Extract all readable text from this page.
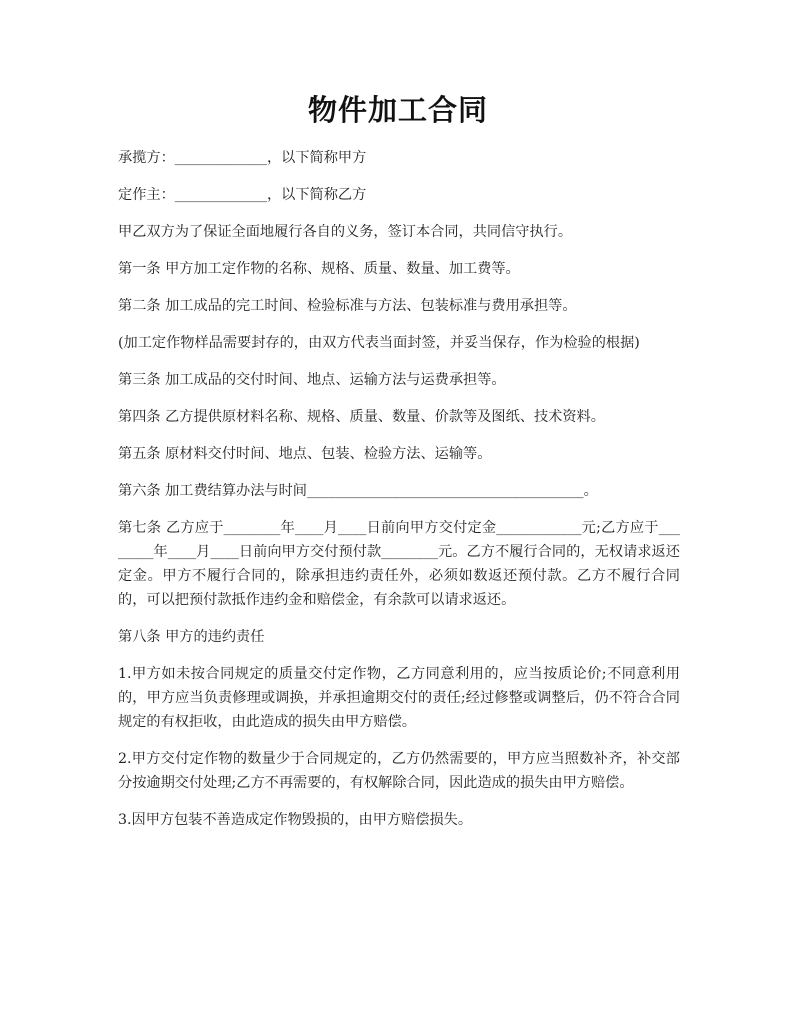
物件加工合同

承揽方：_____________，以下简称甲方

定作主：_____________，以下简称乙方

甲乙双方为了保证全面地履行各自的义务，签订本合同，共同信守执行。

第一条 甲方加工定作物的名称、规格、质量、数量、加工费等。

第二条 加工成品的完工时间、检验标准与方法、包装标准与费用承担等。

(加工定作物样品需要封存的，由双方代表当面封签，并妥当保存，作为检验的根据)

第三条 加工成品的交付时间、地点、运输方法与运费承担等。

第四条 乙方提供原材料名称、规格、质量、数量、价款等及图纸、技术资料。

第五条 原材料交付时间、地点、包装、检验方法、运输等。

第六条 加工费结算办法与时间_______________________________________。

第七条 乙方应于________年____月____日前向甲方交付定金____________元;乙方应于________年____月____日前向甲方交付预付款________元。乙方不履行合同的，无权请求返还定金。甲方不履行合同的，除承担违约责任外，必须如数返还预付款。乙方不履行合同的，可以把预付款抵作违约金和赔偿金，有余款可以请求返还。

第八条 甲方的违约责任

1.甲方如未按合同规定的质量交付定作物，乙方同意利用的，应当按质论价;不同意利用的，甲方应当负责修理或调换，并承担逾期交付的责任;经过修整或调整后，仍不符合合同规定的有权拒收，由此造成的损失由甲方赔偿。

2.甲方交付定作物的数量少于合同规定的，乙方仍然需要的，甲方应当照数补齐，补交部分按逾期交付处理;乙方不再需要的，有权解除合同，因此造成的损失由甲方赔偿。

3.因甲方包装不善造成定作物毁损的，由甲方赔偿损失。
